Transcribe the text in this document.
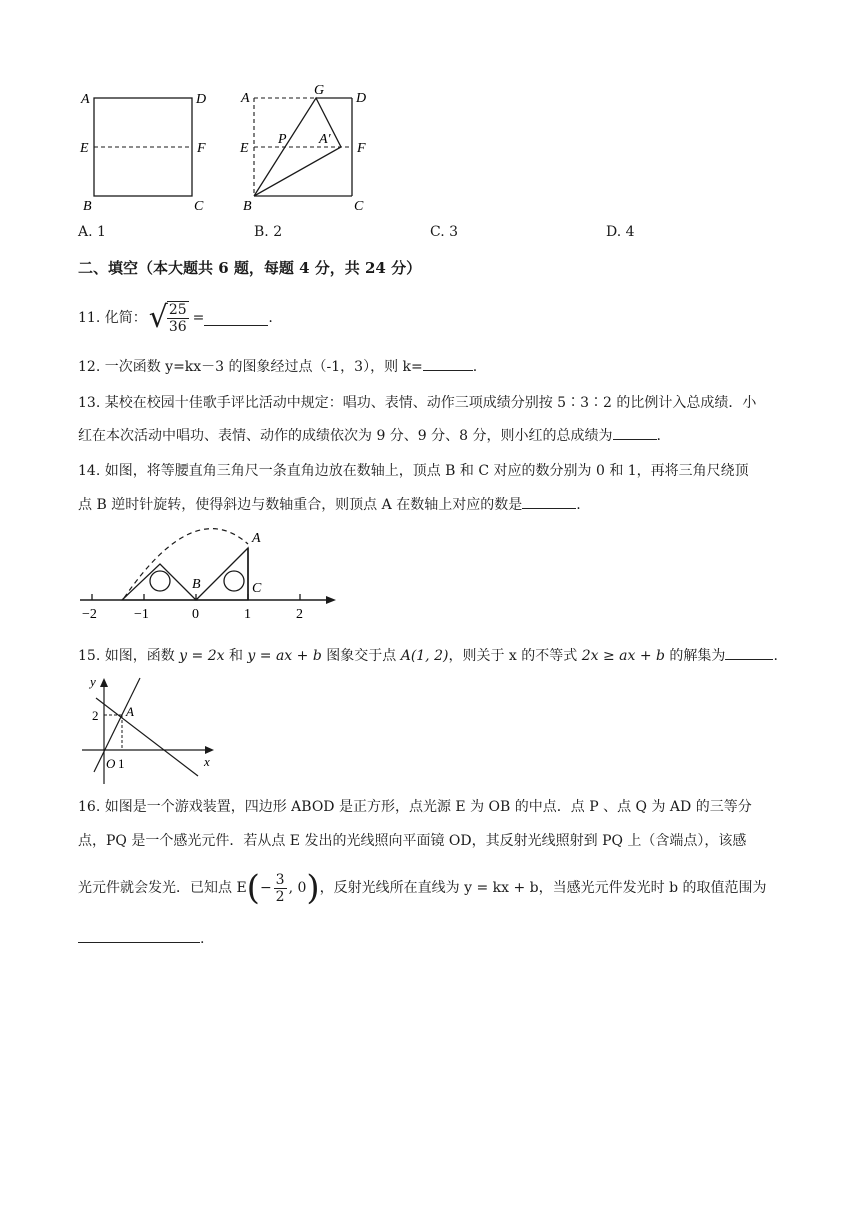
A	D
E	F
B	C
A
G
D
E
P A′
F
B	C
A. 1	B. 2	C. 3	D. 4
二、填空（本大题共 6 题，每题 4 分，共 24 分）
11. 化简： √ $\frac{25}{36}$ =	.
12. 一次函数 y=kx－3 的图象经过点（-1，3），则 k=	.
13. 某校在校园十佳歌手评比活动中规定：唱功、表情、动作三项成绩分别按 5∶3∶2 的比例计入总成绩．小
红在本次活动中唱功、表情、动作的成绩依次为 9 分、9 分、8 分，则小红的总成绩为	.
14. 如图，将等腰直角三角尺一条直角边放在数轴上，顶点 B 和 C 对应的数分别为 0 和 1，再将三角尺绕顶
点 B 逆时针旋转，使得斜边与数轴重合，则顶点 A 在数轴上对应的数是	.
−2	−1	0	1	2
A
B	C
15. 如图，函数 y = 2x 和 y = ax + b 图象交于点 A(1, 2)，则关于 x 的不等式 2x ≥ ax + b 的解集为	.
y
2 A
O 1	x
16. 如图是一个游戏装置，四边形 ABOD 是正方形，点光源 E 为 OB 的中点．点 P 、点 Q 为 AD 的三等分
点，PQ 是一个感光元件．若从点 E 发出的光线照向平面镜 OD，其反射光线照射到 PQ 上（含端点），该感
光元件就会发光．已知点 E ( − $\frac{3}{2}$ , 0 ) ，反射光线所在直线为 y = kx + b，当感光元件发光时 b 的取值范围为
.
